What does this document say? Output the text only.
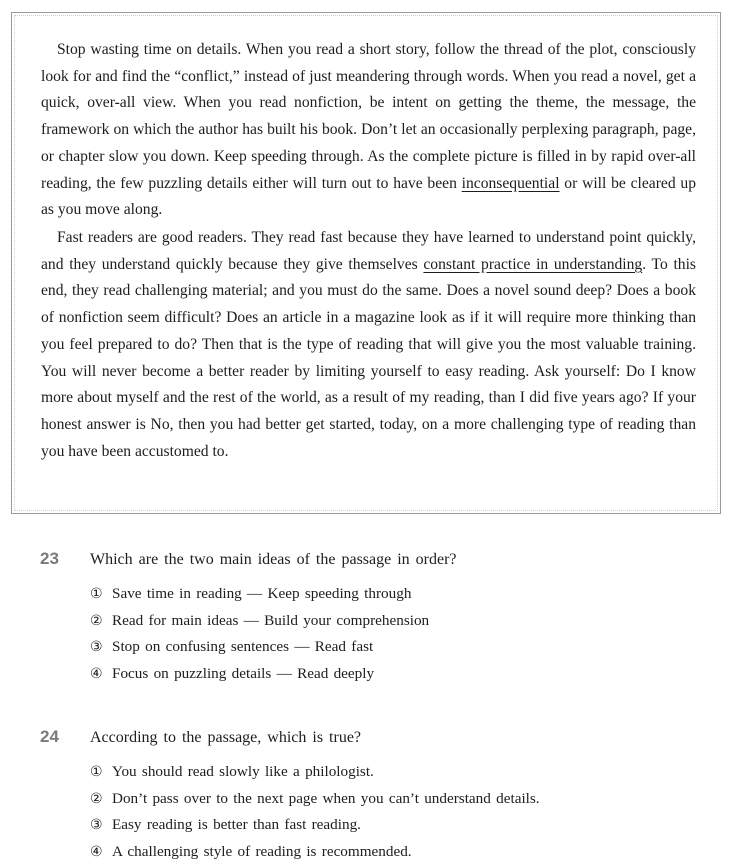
Stop wasting time on details. When you read a short story, follow the thread of the plot, consciously look for and find the “conflict,” instead of just meandering through words. When you read a novel, get a quick, over-all view. When you read nonfiction, be intent on getting the theme, the message, the framework on which the author has built his book. Don’t let an occasionally perplexing paragraph, page, or chapter slow you down. Keep speeding through. As the complete picture is filled in by rapid over-all reading, the few puzzling details either will turn out to have been inconsequential or will be cleared up as you move along.

Fast readers are good readers. They read fast because they have learned to understand point quickly, and they understand quickly because they give themselves constant practice in understanding. To this end, they read challenging material; and you must do the same. Does a novel sound deep? Does a book of nonfiction seem difficult? Does an article in a magazine look as if it will require more thinking than you feel prepared to do? Then that is the type of reading that will give you the most valuable training. You will never become a better reader by limiting yourself to easy reading. Ask yourself: Do I know more about myself and the rest of the world, as a result of my reading, than I did five years ago? If your honest answer is No, then you had better get started, today, on a more challenging type of reading than you have been accustomed to.

23 Which are the two main ideas of the passage in order?

① Save time in reading — Keep speeding through
② Read for main ideas — Build your comprehension
③ Stop on confusing sentences — Read fast
④ Focus on puzzling details — Read deeply

24 According to the passage, which is true?

① You should read slowly like a philologist.
② Don’t pass over to the next page when you can’t understand details.
③ Easy reading is better than fast reading.
④ A challenging style of reading is recommended.
